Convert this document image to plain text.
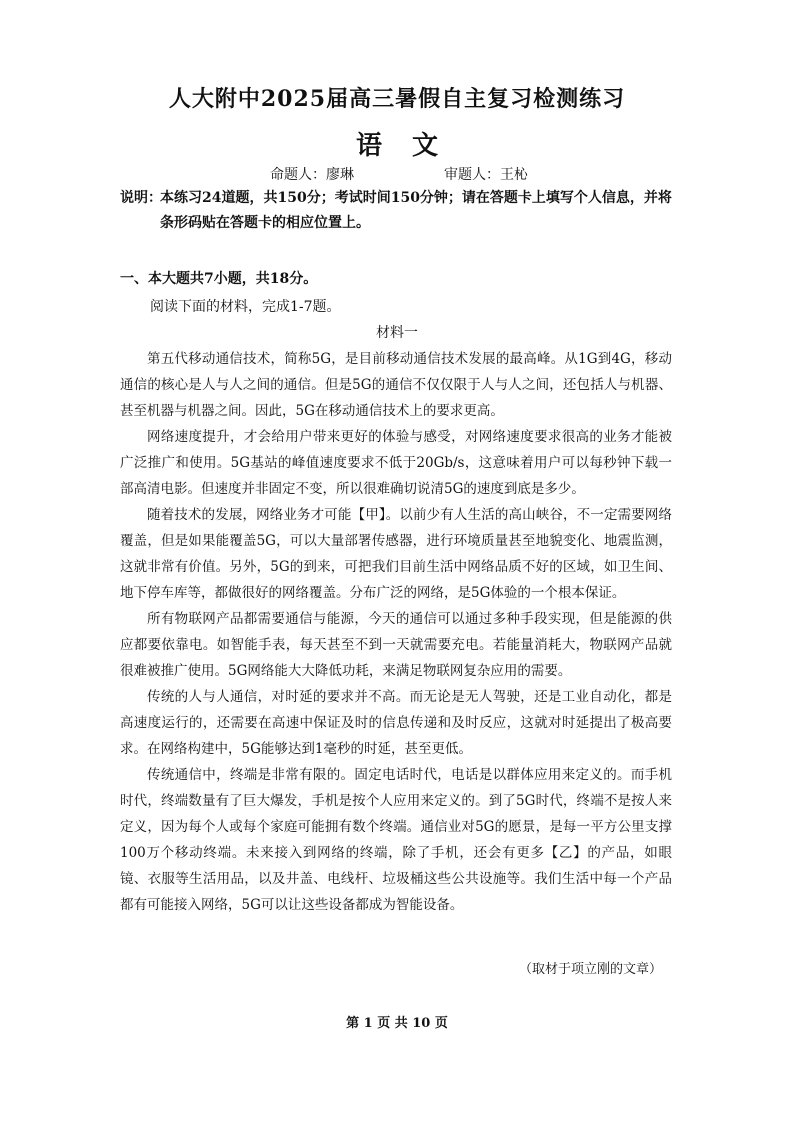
人大附中2025届高三暑假自主复习检测练习
语文
命题人：廖琳	审题人：王杺
说明：
本练习24道题，共150分；考试时间150分钟；请在答题卡上填写个人信息，并将条形码贴在答题卡的相应位置上。
一、本大题共7小题，共18分。
阅读下面的材料，完成1-7题。
材料一

第五代移动通信技术，简称5G，是目前移动通信技术发展的最高峰。从1G到4G，移动通信的核心是人与人之间的通信。但是5G的通信不仅仅限于人与人之间，还包括人与机器、甚至机器与机器之间。因此，5G在移动通信技术上的要求更高。

网络速度提升，才会给用户带来更好的体验与感受，对网络速度要求很高的业务才能被广泛推广和使用。5G基站的峰值速度要求不低于20Gb/s，这意味着用户可以每秒钟下载一部高清电影。但速度并非固定不变，所以很难确切说清5G的速度到底是多少。

随着技术的发展，网络业务才可能【甲】。以前少有人生活的高山峡谷，不一定需要网络覆盖，但是如果能覆盖5G，可以大量部署传感器，进行环境质量甚至地貌变化、地震监测，这就非常有价值。另外，5G的到来，可把我们目前生活中网络品质不好的区域，如卫生间、地下停车库等，都做很好的网络覆盖。分布广泛的网络，是5G体验的一个根本保证。

所有物联网产品都需要通信与能源，今天的通信可以通过多种手段实现，但是能源的供应都要依靠电。如智能手表，每天甚至不到一天就需要充电。若能量消耗大，物联网产品就很难被推广使用。5G网络能大大降低功耗，来满足物联网复杂应用的需要。

传统的人与人通信，对时延的要求并不高。而无论是无人驾驶，还是工业自动化，都是高速度运行的，还需要在高速中保证及时的信息传递和及时反应，这就对时延提出了极高要求。在网络构建中，5G能够达到1毫秒的时延，甚至更低。

传统通信中，终端是非常有限的。固定电话时代，电话是以群体应用来定义的。而手机时代，终端数量有了巨大爆发，手机是按个人应用来定义的。到了5G时代，终端不是按人来定义，因为每个人或每个家庭可能拥有数个终端。通信业对5G的愿景，是每一平方公里支撑100万个移动终端。未来接入到网络的终端，除了手机，还会有更多【乙】的产品，如眼镜、衣服等生活用品，以及井盖、电线杆、垃圾桶这些公共设施等。我们生活中每一个产品都有可能接入网络，5G可以让这些设备都成为智能设备。

（取材于项立刚的文章）
第 1 页 共 10 页
